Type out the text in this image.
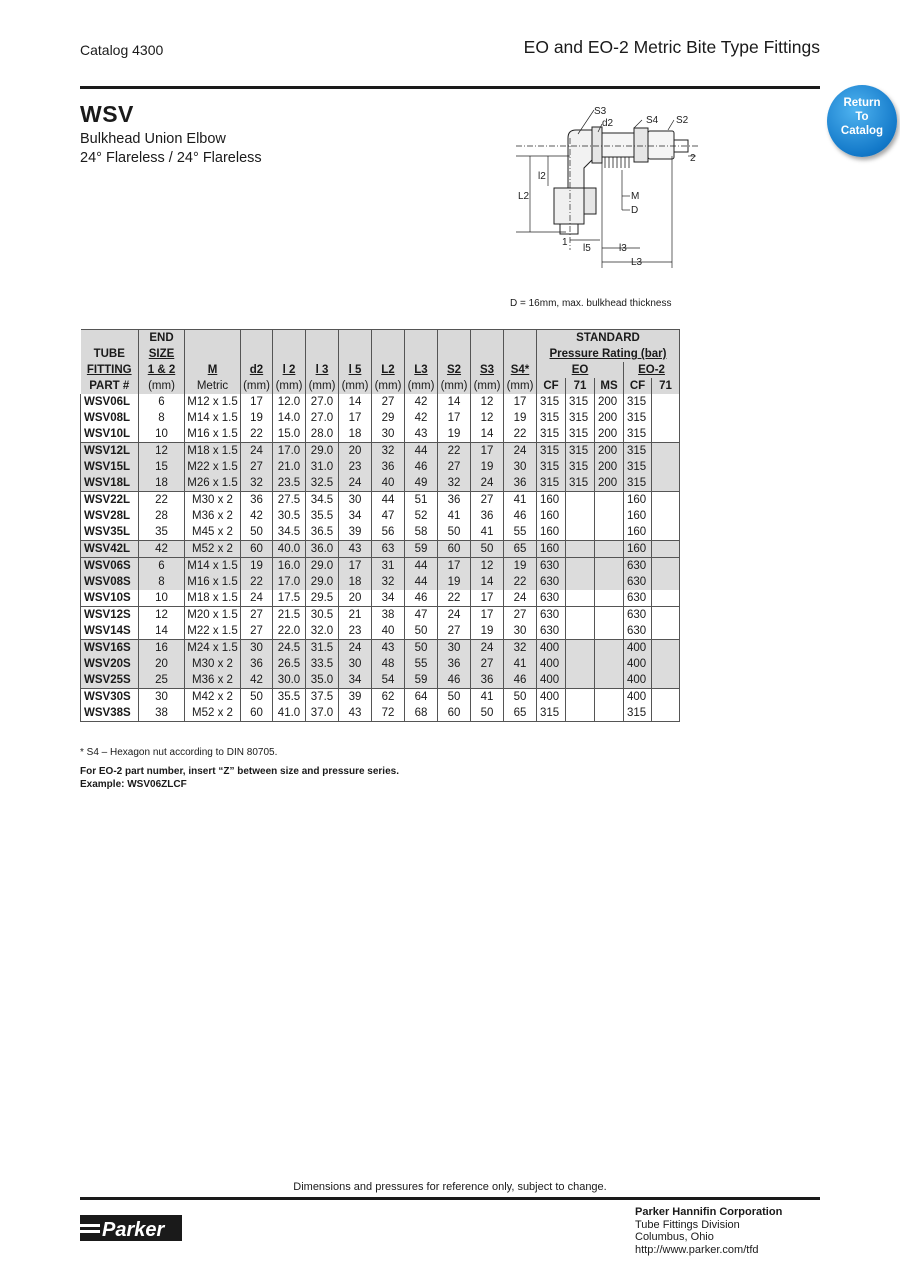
Catalog 4300	EO and EO-2 Metric Bite Type Fittings
WSV
Bulkhead Union Elbow
24° Flareless / 24° Flareless
Return
To
Catalog
S3
d2	S4 S2
2
l2
L2	M
D
1
l5	l3
L3
D = 16mm, max. bulkhead thickness
	END											STANDARD				
TUBE	SIZE											Pressure Rating (bar)				
FITTING	1 & 2	M	d2	l 2	l 3	l 5	L2	L3	S2	S3	S4*	EO			EO-2	
PART #	(mm)	Metric	(mm)	(mm)	(mm)	(mm)	(mm)	(mm)	(mm)	(mm)	(mm)	CF	71	MS	CF	71
WSV06L	6	M12 x 1.5	17	12.0	27.0	14	27	42	14	12	17	315	315	200	315	
WSV08L	8	M14 x 1.5	19	14.0	27.0	17	29	42	17	12	19	315	315	200	315	
WSV10L	10	M16 x 1.5	22	15.0	28.0	18	30	43	19	14	22	315	315	200	315	
WSV12L	12	M18 x 1.5	24	17.0	29.0	20	32	44	22	17	24	315	315	200	315	
WSV15L	15	M22 x 1.5	27	21.0	31.0	23	36	46	27	19	30	315	315	200	315	
WSV18L	18	M26 x 1.5	32	23.5	32.5	24	40	49	32	24	36	315	315	200	315	
WSV22L	22	M30 x 2	36	27.5	34.5	30	44	51	36	27	41	160			160	
WSV28L	28	M36 x 2	42	30.5	35.5	34	47	52	41	36	46	160			160	
WSV35L	35	M45 x 2	50	34.5	36.5	39	56	58	50	41	55	160			160	
WSV42L	42	M52 x 2	60	40.0	36.0	43	63	59	60	50	65	160			160	
WSV06S	6	M14 x 1.5	19	16.0	29.0	17	31	44	17	12	19	630			630	
WSV08S	8	M16 x 1.5	22	17.0	29.0	18	32	44	19	14	22	630			630	
WSV10S	10	M18 x 1.5	24	17.5	29.5	20	34	46	22	17	24	630			630	
WSV12S	12	M20 x 1.5	27	21.5	30.5	21	38	47	24	17	27	630			630	
WSV14S	14	M22 x 1.5	27	22.0	32.0	23	40	50	27	19	30	630			630	
WSV16S	16	M24 x 1.5	30	24.5	31.5	24	43	50	30	24	32	400			400	
WSV20S	20	M30 x 2	36	26.5	33.5	30	48	55	36	27	41	400			400	
WSV25S	25	M36 x 2	42	30.0	35.0	34	54	59	46	36	46	400			400	
WSV30S	30	M42 x 2	50	35.5	37.5	39	62	64	50	41	50	400			400	
WSV38S	38	M52 x 2	60	41.0	37.0	43	72	68	60	50	65	315			315	
* S4 – Hexagon nut according to DIN 80705.
For EO-2 part number, insert “Z” between size and pressure series.
Example: WSV06ZLCF
Dimensions and pressures for reference only, subject to change.
Parker
Parker Hannifin Corporation
Tube Fittings Division
Columbus, Ohio
http://www.parker.com/tfd
